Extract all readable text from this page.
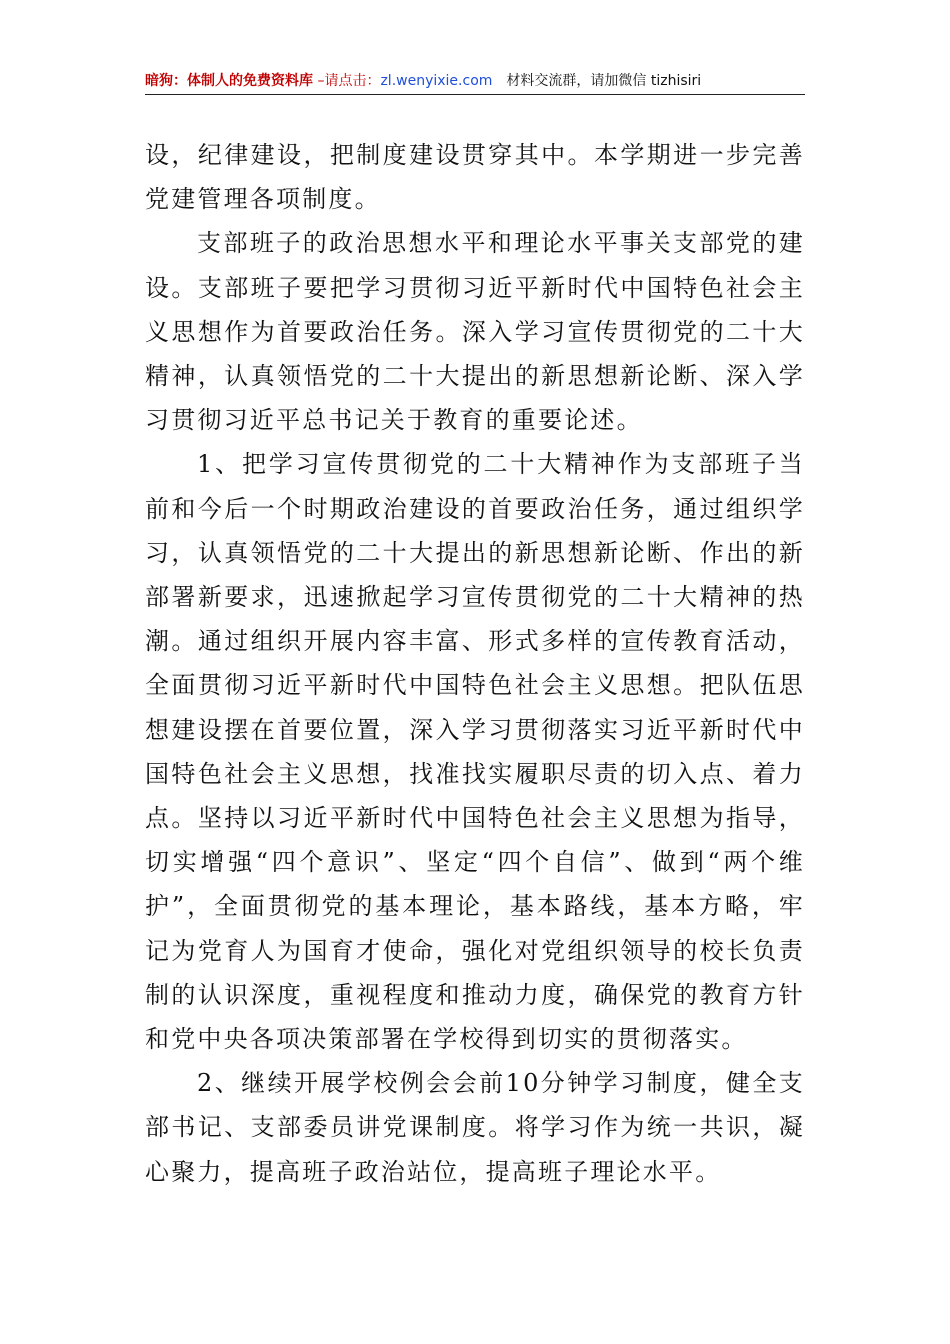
暗狗：体制人的免费资料库 –请点击：zl.wenyixie.com 材料交流群，请加微信 tizhisiri

设，纪律建设，把制度建设贯穿其中。本学期进一步完善党建管理各项制度。

支部班子的政治思想水平和理论水平事关支部党的建设。支部班子要把学习贯彻习近平新时代中国特色社会主义思想作为首要政治任务。深入学习宣传贯彻党的二十大精神，认真领悟党的二十大提出的新思想新论断、深入学习贯彻习近平总书记关于教育的重要论述。

1、把学习宣传贯彻党的二十大精神作为支部班子当前和今后一个时期政治建设的首要政治任务，通过组织学习，认真领悟党的二十大提出的新思想新论断、作出的新部署新要求，迅速掀起学习宣传贯彻党的二十大精神的热潮。通过组织开展内容丰富、形式多样的宣传教育活动，全面贯彻习近平新时代中国特色社会主义思想。把队伍思想建设摆在首要位置，深入学习贯彻落实习近平新时代中国特色社会主义思想，找准找实履职尽责的切入点、着力点。坚持以习近平新时代中国特色社会主义思想为指导，切实增强“四个意识”、坚定“四个自信”、做到“两个维护”，全面贯彻党的基本理论，基本路线，基本方略，牢记为党育人为国育才使命，强化对党组织领导的校长负责制的认识深度，重视程度和推动力度，确保党的教育方针和党中央各项决策部署在学校得到切实的贯彻落实。

2、继续开展学校例会会前10分钟学习制度，健全支部书记、支部委员讲党课制度。将学习作为统一共识，凝心聚力，提高班子政治站位，提高班子理论水平。
